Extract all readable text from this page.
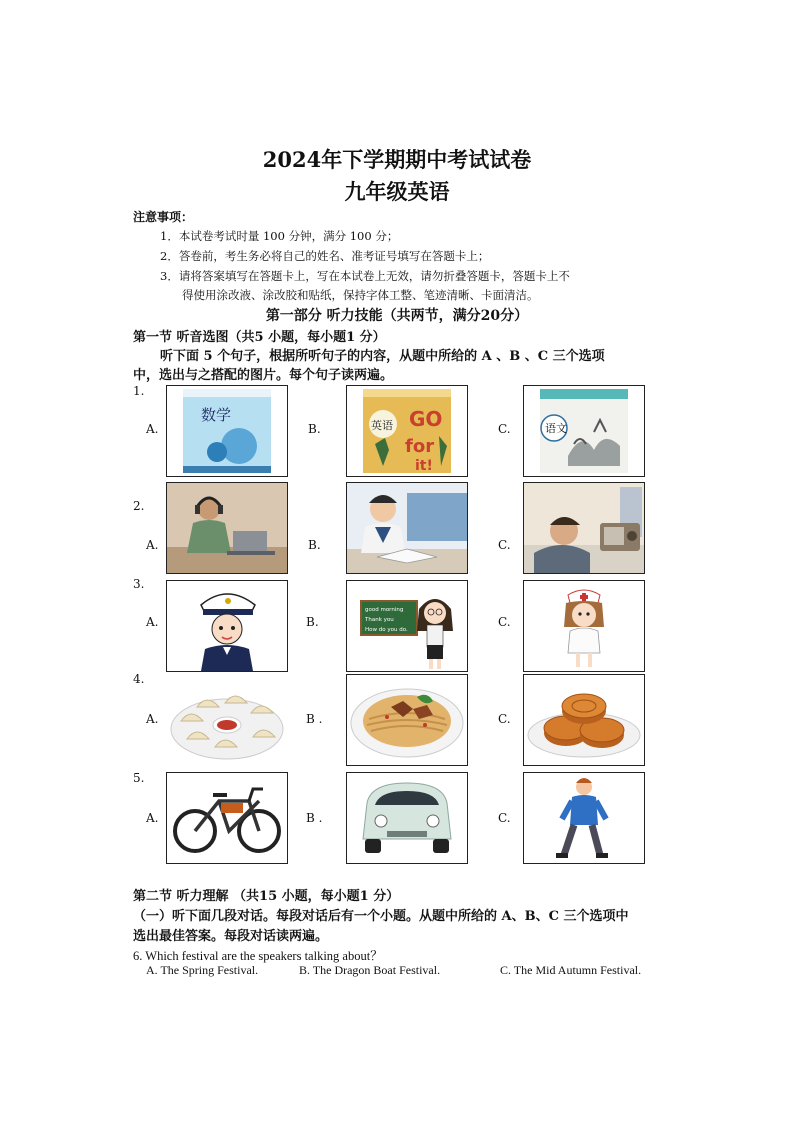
2024年下学期期中考试试卷
九年级英语
注意事项：
1．本试卷考试时量 100 分钟，满分 100 分；
2．答卷前，考生务必将自己的姓名、准考证号填写在答题卡上；
3．请将答案填写在答题卡上，写在本试卷上无效，请勿折叠答题卡，答题卡上不
得使用涂改液、涂改胶和贴纸，保持字体工整、笔迹清晰、卡面清洁。
第一部分 听力技能（共两节，满分20分）
第一节 听音选图（共5 小题，每小题1 分）
听下面 5 个句子，根据所听句子的内容，从题中所给的 A 、B 、C 三个选项
中，选出与之搭配的图片。每个句子读两遍。
1.
A.	B.	C.
数学
英语 GO
for
it!
语文
2.
A.	B.	C.
3.
A.	B.	C.
good morning
Thank you
How do you do.
4.
A.	B .	C.
5.
A.	B .	C.
第二节 听力理解 （共15 小题，每小题1 分）
（一）听下面几段对话。每段对话后有一个小题。从题中所给的 A、B、C 三个选项中
选出最佳答案。每段对话读两遍。
6. Which festival are the speakers talking about？
A. The Spring Festival.	B. The Dragon Boat Festival.	C. The Mid Autumn Festival.
